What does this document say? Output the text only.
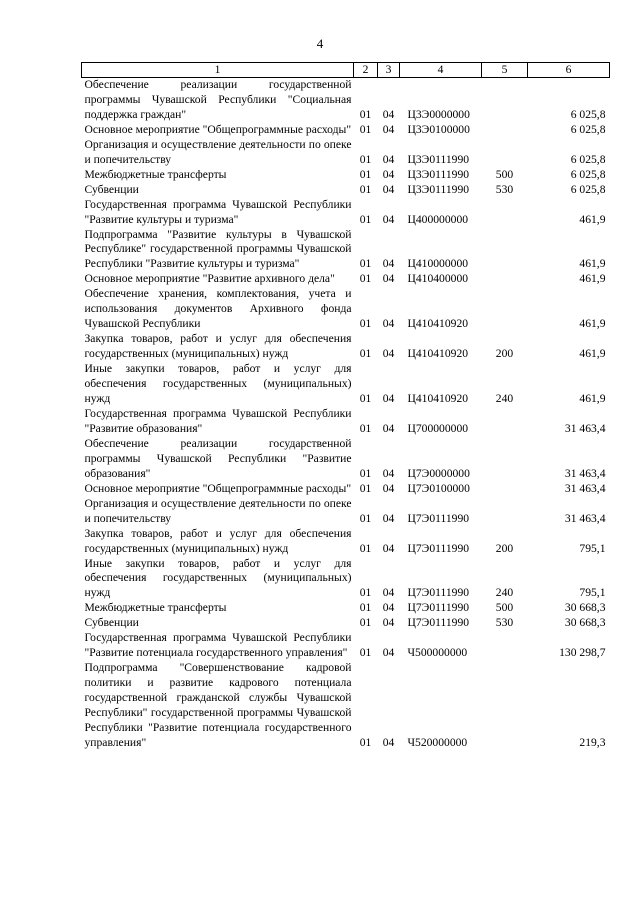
4
1	2	3	4	5	6
Обеспечение реализации государственной программы Чувашской Республики "Социальная поддержка граждан"	01	04	Ц3Э0000000		6 025,8
Основное мероприятие "Общепрограммные расходы"	01	04	Ц3Э0100000		6 025,8
Организация и осуществление деятельности по опеке и попечительству	01	04	Ц3Э0111990		6 025,8
Межбюджетные трансферты	01	04	Ц3Э0111990	500	6 025,8
Субвенции	01	04	Ц3Э0111990	530	6 025,8
Государственная программа Чувашской Республики "Развитие культуры и туризма"	01	04	Ц400000000		461,9
Подпрограмма "Развитие культуры в Чувашской Республике" государственной программы Чувашской Республики "Развитие культуры и туризма"	01	04	Ц410000000		461,9
Основное мероприятие "Развитие архивного дела"	01	04	Ц410400000		461,9
Обеспечение хранения, комплектования, учета и использования документов Архивного фонда Чувашской Республики	01	04	Ц410410920		461,9
Закупка товаров, работ и услуг для обеспечения государственных (муниципальных) нужд	01	04	Ц410410920	200	461,9
Иные закупки товаров, работ и услуг для обеспечения государственных (муниципальных) нужд	01	04	Ц410410920	240	461,9
Государственная программа Чувашской Республики "Развитие образования"	01	04	Ц700000000		31 463,4
Обеспечение реализации государственной программы Чувашской Республики "Развитие образования"	01	04	Ц7Э0000000		31 463,4
Основное мероприятие "Общепрограммные расходы"	01	04	Ц7Э0100000		31 463,4
Организация и осуществление деятельности по опеке и попечительству	01	04	Ц7Э0111990		31 463,4
Закупка товаров, работ и услуг для обеспечения государственных (муниципальных) нужд	01	04	Ц7Э0111990	200	795,1
Иные закупки товаров, работ и услуг для обеспечения государственных (муниципальных) нужд	01	04	Ц7Э0111990	240	795,1
Межбюджетные трансферты	01	04	Ц7Э0111990	500	30 668,3
Субвенции	01	04	Ц7Э0111990	530	30 668,3
Государственная программа Чувашской Республики "Развитие потенциала государственного управления"	01	04	Ч500000000		130 298,7
Подпрограмма "Совершенствование кадровой политики и развитие кадрового потенциала государственной гражданской службы Чувашской Республики" государственной программы Чувашской Республики "Развитие потенциала государственного управления"	01	04	Ч520000000		219,3
